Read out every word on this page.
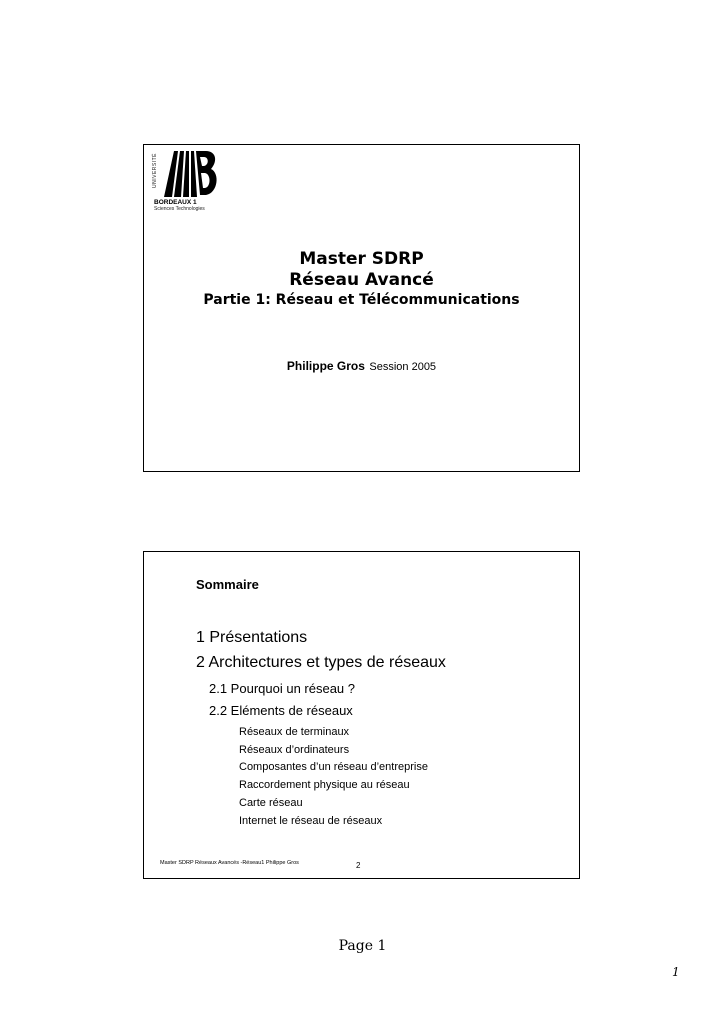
UNIVERSITÉ
BORDEAUX 1
Sciences Technologies
Master SDRP
Réseau Avancé
Partie 1: Réseau et Télécommunications
Philippe Gros Session 2005
Sommaire
1 Présentations
2 Architectures et types de réseaux
2.1 Pourquoi un réseau ?
2.2 Eléments de réseaux
Réseaux de terminaux
Réseaux d’ordinateurs
Composantes d’un réseau d’entreprise
Raccordement physique au réseau
Carte réseau
Internet le réseau de réseaux
Master SDRP Réseaux Avancés -Réseau1 Philippe Gros	2
Page 1
1
